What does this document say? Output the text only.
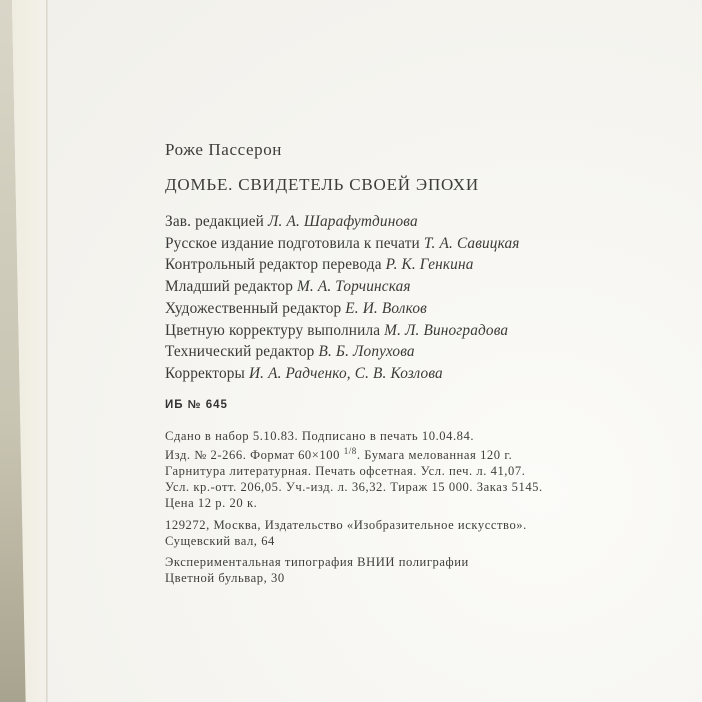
Роже Пассерон

ДОМЬЕ. СВИДЕТЕЛЬ СВОЕЙ ЭПОХИ

Зав. редакцией Л. А. Шарафутдинова
Русское издание подготовила к печати Т. А. Савицкая
Контрольный редактор перевода Р. К. Генкина
Младший редактор М. А. Торчинская
Художественный редактор Е. И. Волков
Цветную корректуру выполнила М. Л. Виноградова
Технический редактор В. Б. Лопухова
Корректоры И. А. Радченко, С. В. Козлова
ИБ № 645

Сдано в набор 5.10.83. Подписано в печать 10.04.84.

Изд. № 2-266. Формат 60×100 $^{1/8}$. Бумага мелованная 120 г.

Гарнитура литературная. Печать офсетная. Усл. печ. л. 41,07.

Усл. кр.-отт. 206,05. Уч.-изд. л. 36,32. Тираж 15 000. Заказ 5145.

Цена 12 р. 20 к.

129272, Москва, Издательство «Изобразительное искусство».

Сущевский вал, 64

Экспериментальная типография ВНИИ полиграфии

Цветной бульвар, 30
